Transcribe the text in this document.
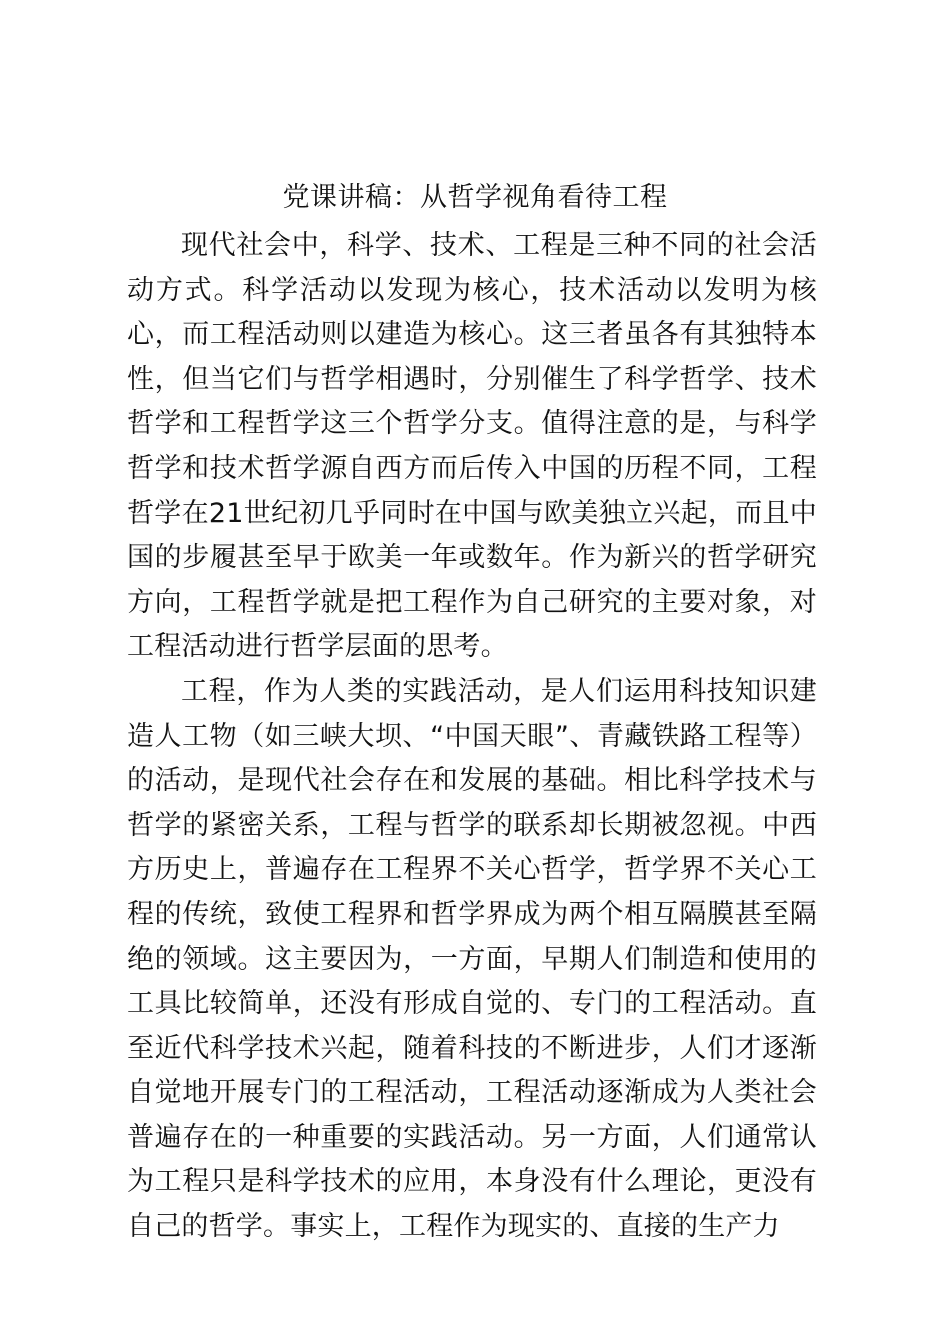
党课讲稿：从哲学视角看待工程

现代社会中，科学、技术、工程是三种不同的社会活动方式。科学活动以发现为核心，技术活动以发明为核心，而工程活动则以建造为核心。这三者虽各有其独特本性，但当它们与哲学相遇时，分别催生了科学哲学、技术哲学和工程哲学这三个哲学分支。值得注意的是，与科学哲学和技术哲学源自西方而后传入中国的历程不同，工程哲学在21世纪初几乎同时在中国与欧美独立兴起，而且中国的步履甚至早于欧美一年或数年。作为新兴的哲学研究方向，工程哲学就是把工程作为自己研究的主要对象，对工程活动进行哲学层面的思考。

工程，作为人类的实践活动，是人们运用科技知识建造人工物（如三峡大坝、“中国天眼”、青藏铁路工程等）的活动，是现代社会存在和发展的基础。相比科学技术与哲学的紧密关系，工程与哲学的联系却长期被忽视。中西方历史上，普遍存在工程界不关心哲学，哲学界不关心工程的传统，致使工程界和哲学界成为两个相互隔膜甚至隔绝的领域。这主要因为，一方面，早期人们制造和使用的工具比较简单，还没有形成自觉的、专门的工程活动。直至近代科学技术兴起，随着科技的不断进步，人们才逐渐自觉地开展专门的工程活动，工程活动逐渐成为人类社会普遍存在的一种重要的实践活动。另一方面，人们通常认为工程只是科学技术的应用，本身没有什么理论，更没有自己的哲学。事实上，工程作为现实的、直接的生产力
